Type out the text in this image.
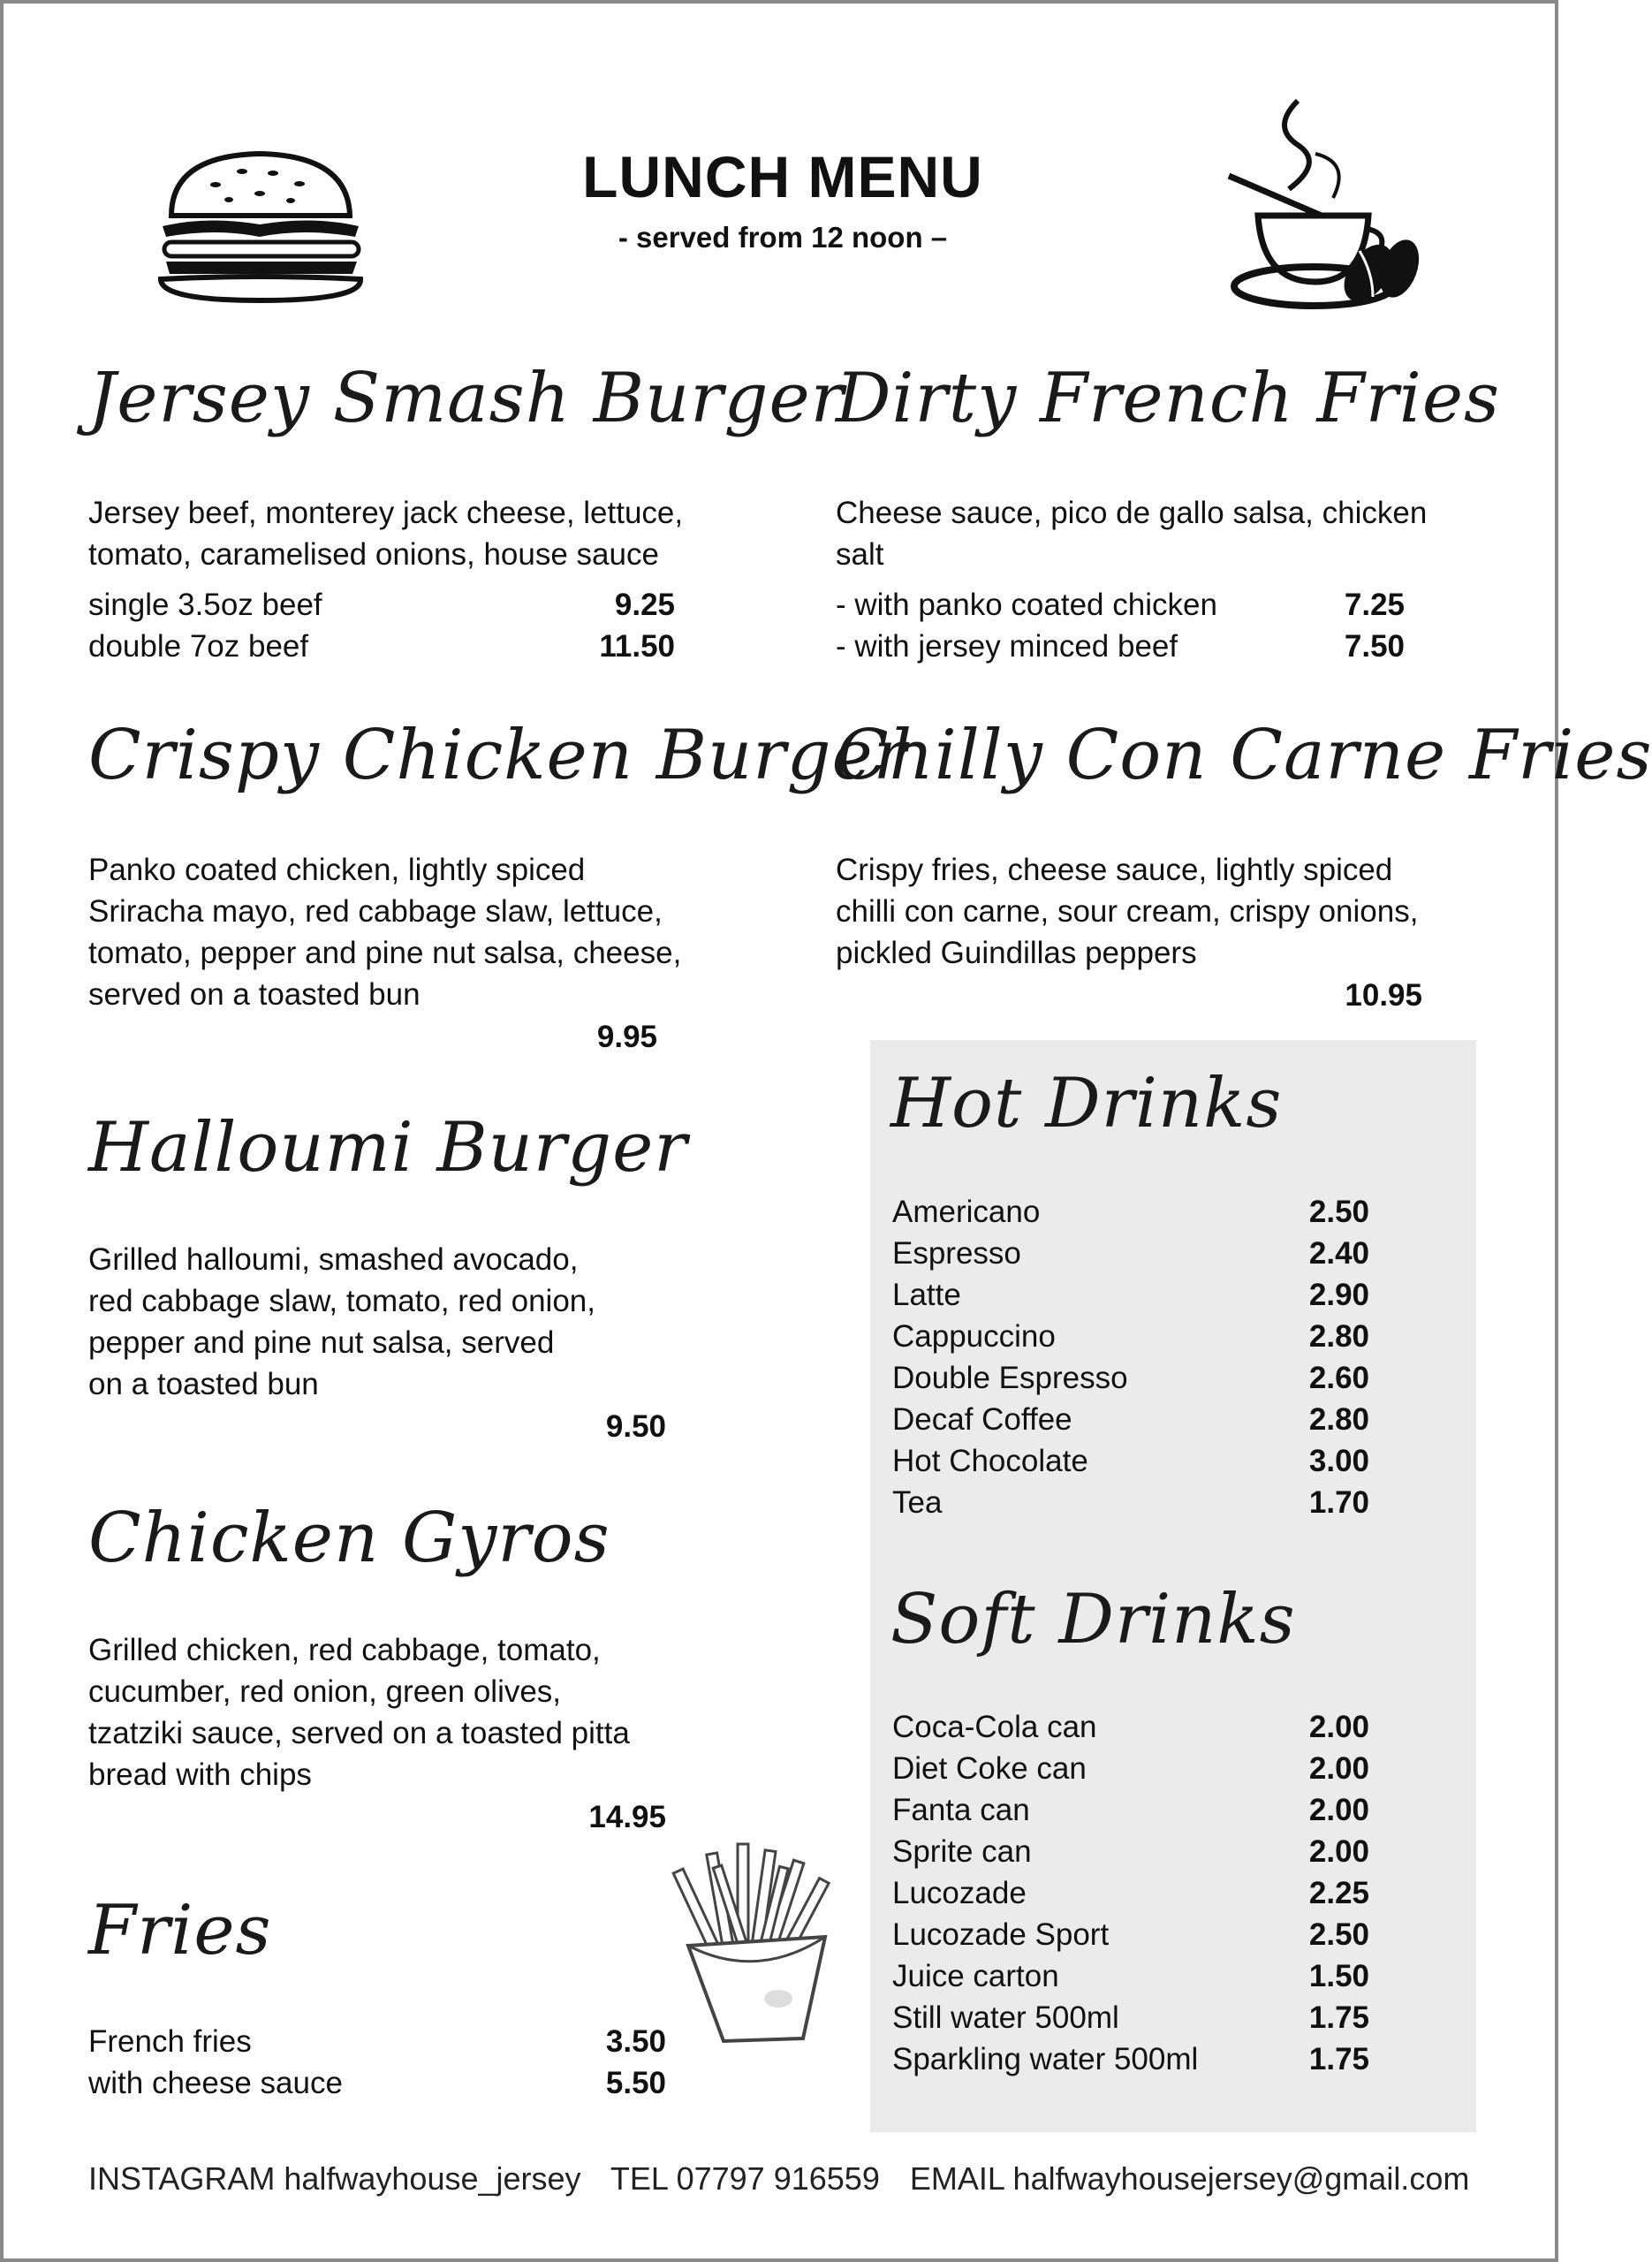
LUNCH MENU
- served from 12 noon –
Jersey Smash Burger
Jersey beef, monterey jack cheese, lettuce,
tomato, caramelised onions, house sauce
single 3.5oz beef	9.25
double 7oz beef	11.50
Dirty French Fries
Cheese sauce, pico de gallo salsa, chicken
salt
- with panko coated chicken	7.25
- with jersey minced beef	7.50
Crispy Chicken Burger
Panko coated chicken, lightly spiced
Sriracha mayo, red cabbage slaw, lettuce,
tomato, pepper and pine nut salsa, cheese,
served on a toasted bun
9.95
Chilly Con Carne Fries
Crispy fries, cheese sauce, lightly spiced
chilli con carne, sour cream, crispy onions,
pickled Guindillas peppers
10.95
Halloumi Burger
Grilled halloumi, smashed avocado,
red cabbage slaw, tomato, red onion,
pepper and pine nut salsa, served
on a toasted bun
9.50
Chicken Gyros
Grilled chicken, red cabbage, tomato,
cucumber, red onion, green olives,
tzatziki sauce, served on a toasted pitta
bread with chips
14.95
Fries
French fries	3.50
with cheese sauce	5.50
Hot Drinks
Americano	2.50
Espresso	2.40
Latte	2.90
Cappuccino	2.80
Double Espresso	2.60
Decaf Coffee	2.80
Hot Chocolate	3.00
Tea	1.70
Soft Drinks
Coca-Cola can	2.00
Diet Coke can	2.00
Fanta can	2.00
Sprite can	2.00
Lucozade	2.25
Lucozade Sport	2.50
Juice carton	1.50
Still water 500ml	1.75
Sparkling water 500ml	1.75
INSTAGRAM halfwayhouse_jersey TEL 07797 916559 EMAIL halfwayhousejersey@gmail.com
